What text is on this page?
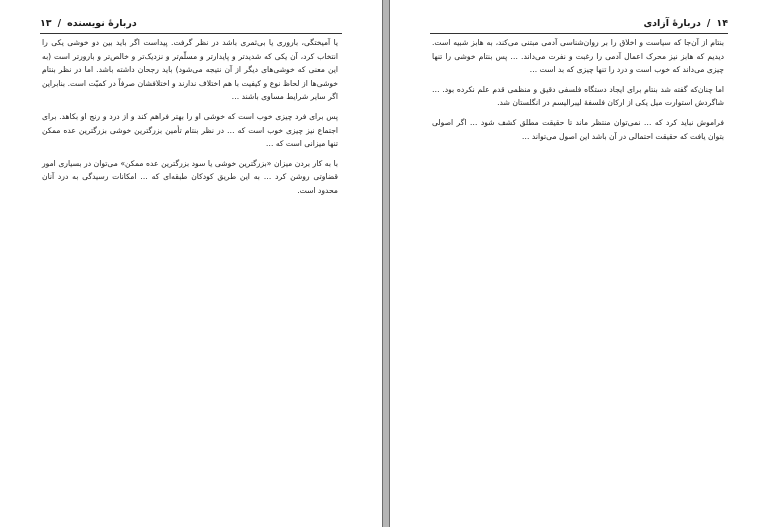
دربارهٔ نویسنده
/
۱۳

یا آمیختگی، باروری یا بی‌ثمری باشد در نظر گرفت. پیداست اگر باید بین دو خوشی یکی را انتخاب کرد، آن یکی که شدیدتر و پایدارتر و مسلّم‌تر و نزدیک‌تر و خالص‌تر و بارورتر است (به این معنی که خوشی‌های دیگر از آن نتیجه می‌شود) باید رجحان داشته باشد. اما در نظر بنتام خوشی‌ها از لحاظ نوع و کیفیت با هم اختلاف ندارند و اختلافشان صرفاً در کمیّت است. بنابراین اگر سایر شرایط مساوی باشند …

پس برای فرد چیزی خوب است که خوشی او را بهتر فراهم کند و از درد و رنج او بکاهد. برای اجتماع نیز چیزی خوب است که … در نظر بنتام تأمین بزرگترین خوشی بزرگترین عده ممکن تنها میزانی است که …

با به کار بردن میزان «بزرگترین خوشی یا سود بزرگترین عده ممکن» می‌توان در بسیاری امور قضاوتی روشن کرد … به این طریق کودکان طبقه‌ای که … امکانات رسیدگی به درد آنان محدود است.

۱۴
/
دربارهٔ آزادی

بنتام از آن‌جا که سیاست و اخلاق را بر روان‌شناسی آدمی مبتنی می‌کند، به هابز شبیه است. دیدیم که هابز نیز محرک اعمال آدمی را رغبت و نفرت می‌داند. … پس بنتام خوشی را تنها چیزی می‌داند که خوب است و درد را تنها چیزی که بد است …

اما چنان‌که گفته شد بنتام برای ایجاد دستگاه فلسفی دقیق و منظمی قدم علم نکرده بود. … شاگردش استوارت میل یکی از ارکان فلسفهٔ لیبرالیسم در انگلستان شد.

فراموش نباید کرد که … نمی‌توان منتظر ماند تا حقیقت مطلق کشف شود … اگر اصولی بتوان یافت که حقیقت احتمالی در آن باشد این اصول می‌تواند …
